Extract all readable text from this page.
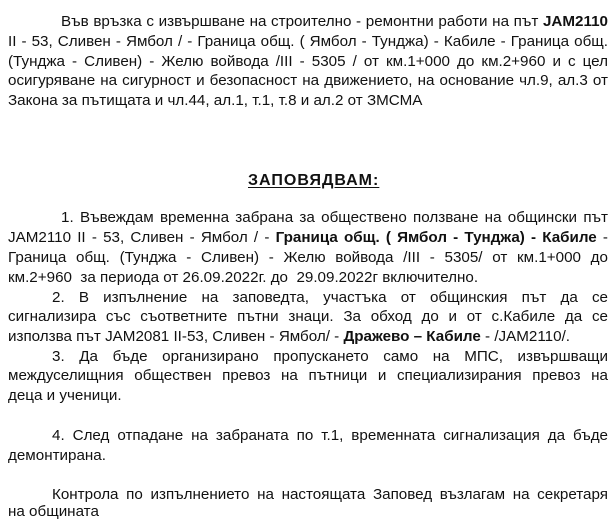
Във връзка с извършване на строително - ремонтни работи на път JAM2110
II - 53, Сливен - Ямбол / - Граница общ. ( Ямбол - Тунджа) - Кабиле - Граница общ.
(Тунджа - Сливен) - Желю войвода /III - 5305 / от км.1+000 до км.2+960 и с цел
осигуряване на сигурност и безопасност на движението, на основание чл.9, ал.3 от
Закона за пътищата и чл.44, ал.1, т.1, т.8 и ал.2 от ЗМСМА
ЗАПОВЯДВАМ:
1. Въвеждам временна забрана за обществено ползване на общински път
JAM2110 II - 53, Сливен - Ямбол / - Граница общ. ( Ямбол - Тунджа) - Кабиле -
Граница общ. (Тунджа - Сливен) - Желю войвода /III - 5305/ от км.1+000 до
км.2+960  за периода от 26.09.2022г. до  29.09.2022г включително.
2. В изпълнение на заповедта, участъка от общинския път да се
сигнализира със съответните пътни знаци. За обход до и от с.Кабиле да се
използва път JAM2081 II-53, Сливен - Ямбол/ - Дражево – Кабиле - /JAM2110/.
3. Да бъде организирано пропускането само на МПС, извършващи
междуселищния обществен превоз на пътници и специализирания превоз на
деца и ученици.
4. След отпадане на забраната по т.1, временната сигнализация да бъде
демонтирана.
Контрола по изпълнението на настоящата Заповед възлагам на секретаря
на общината
